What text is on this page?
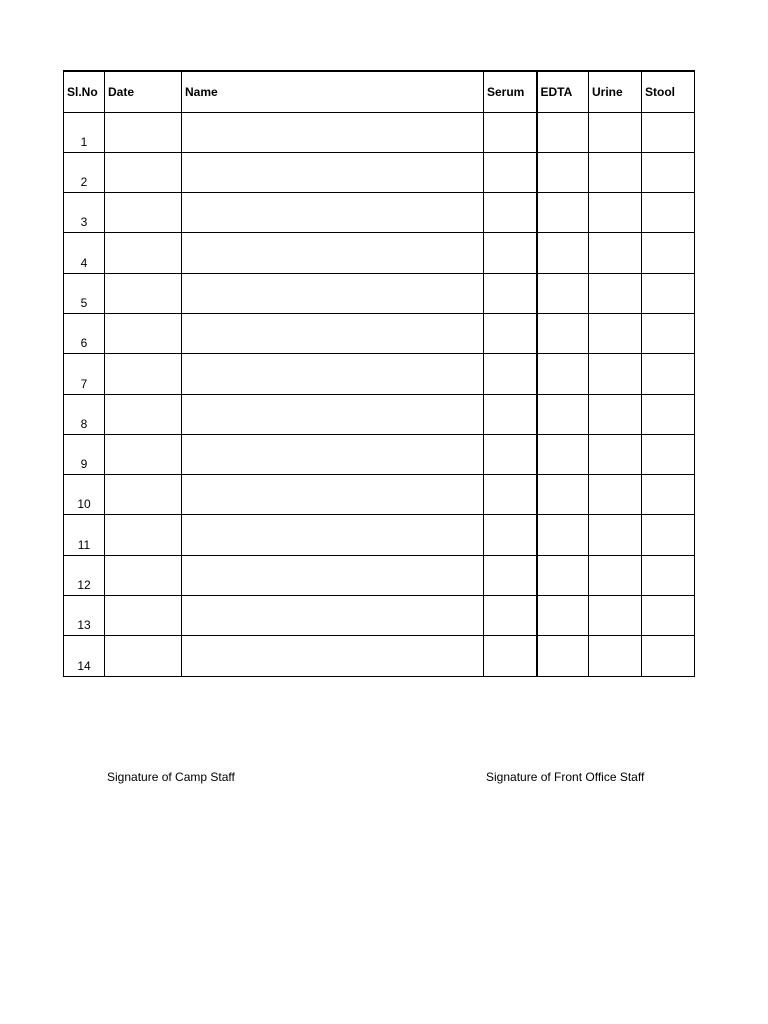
Sl.No	Date	Name	Serum	EDTA	Urine	Stool
1						
2						
3						
4						
5						
6						
7						
8						
9						
10						
11						
12						
13						
14						
Signature of Camp Staff	Signature of Front Office Staff
